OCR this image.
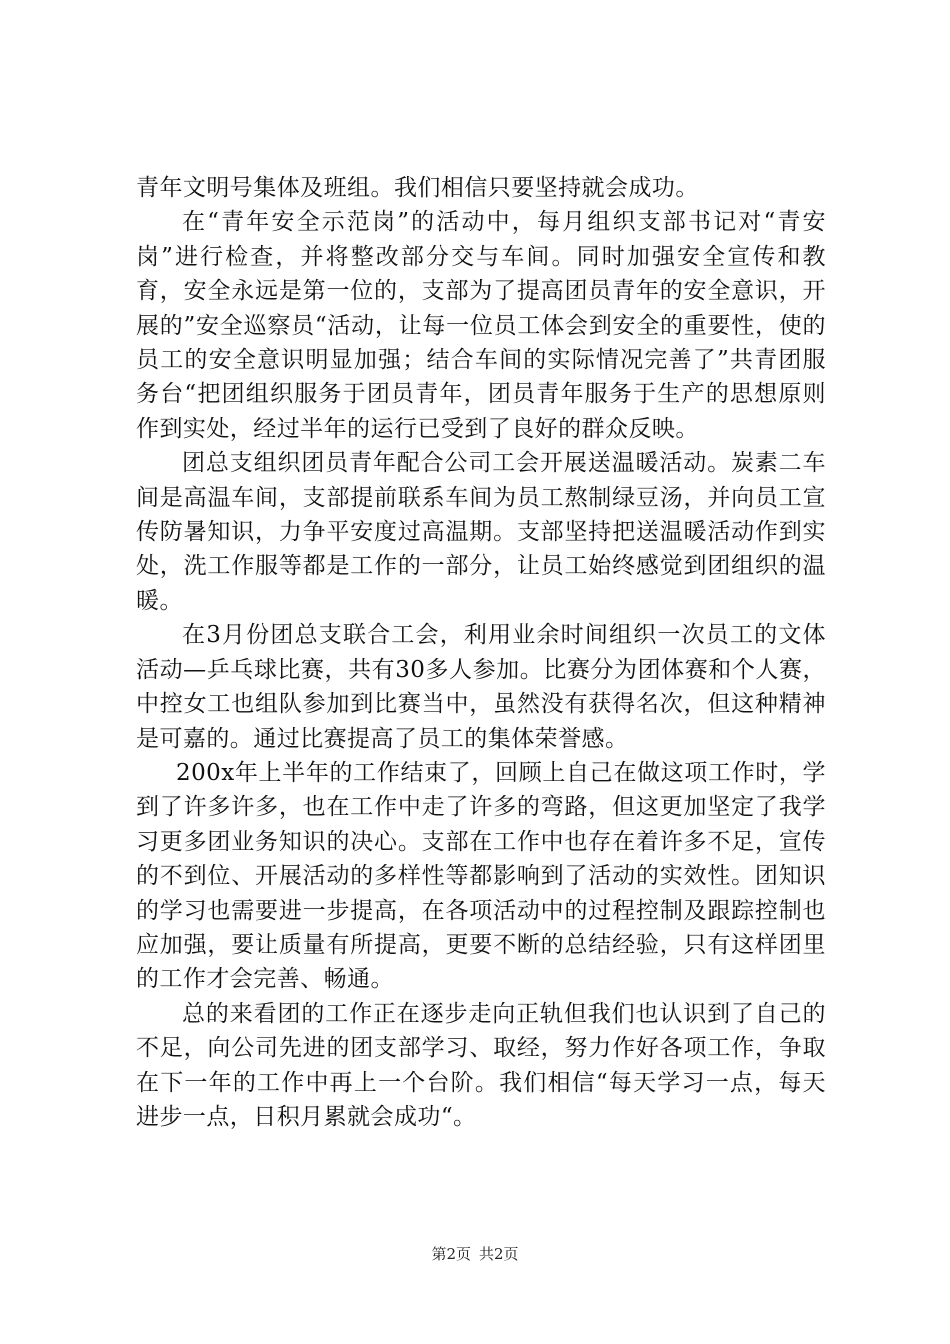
青年文明号集体及班组。我们相信只要坚持就会成功。

在“青年安全示范岗”的活动中，每月组织支部书记对“青安岗”进行检查，并将整改部分交与车间。同时加强安全宣传和教育，安全永远是第一位的，支部为了提高团员青年的安全意识，开展的”安全巡察员“活动，让每一位员工体会到安全的重要性，使的员工的安全意识明显加强；结合车间的实际情况完善了”共青团服务台“把团组织服务于团员青年，团员青年服务于生产的思想原则作到实处，经过半年的运行已受到了良好的群众反映。

团总支组织团员青年配合公司工会开展送温暖活动。炭素二车间是高温车间，支部提前联系车间为员工熬制绿豆汤，并向员工宣传防暑知识，力争平安度过高温期。支部坚持把送温暖活动作到实处，洗工作服等都是工作的一部分，让员工始终感觉到团组织的温暖。

在3月份团总支联合工会，利用业余时间组织一次员工的文体活动—乒乓球比赛，共有30多人参加。比赛分为团体赛和个人赛，中控女工也组队参加到比赛当中，虽然没有获得名次，但这种精神是可嘉的。通过比赛提高了员工的集体荣誉感。

200x年上半年的工作结束了，回顾上自己在做这项工作时，学到了许多许多，也在工作中走了许多的弯路，但这更加坚定了我学习更多团业务知识的决心。支部在工作中也存在着许多不足，宣传的不到位、开展活动的多样性等都影响到了活动的实效性。团知识的学习也需要进一步提高，在各项活动中的过程控制及跟踪控制也应加强，要让质量有所提高，更要不断的总结经验，只有这样团里的工作才会完善、畅通。

总的来看团的工作正在逐步走向正轨但我们也认识到了自己的不足，向公司先进的团支部学习、取经，努力作好各项工作，争取在下一年的工作中再上一个台阶。我们相信“每天学习一点，每天进步一点，日积月累就会成功“。

第2页 共2页
